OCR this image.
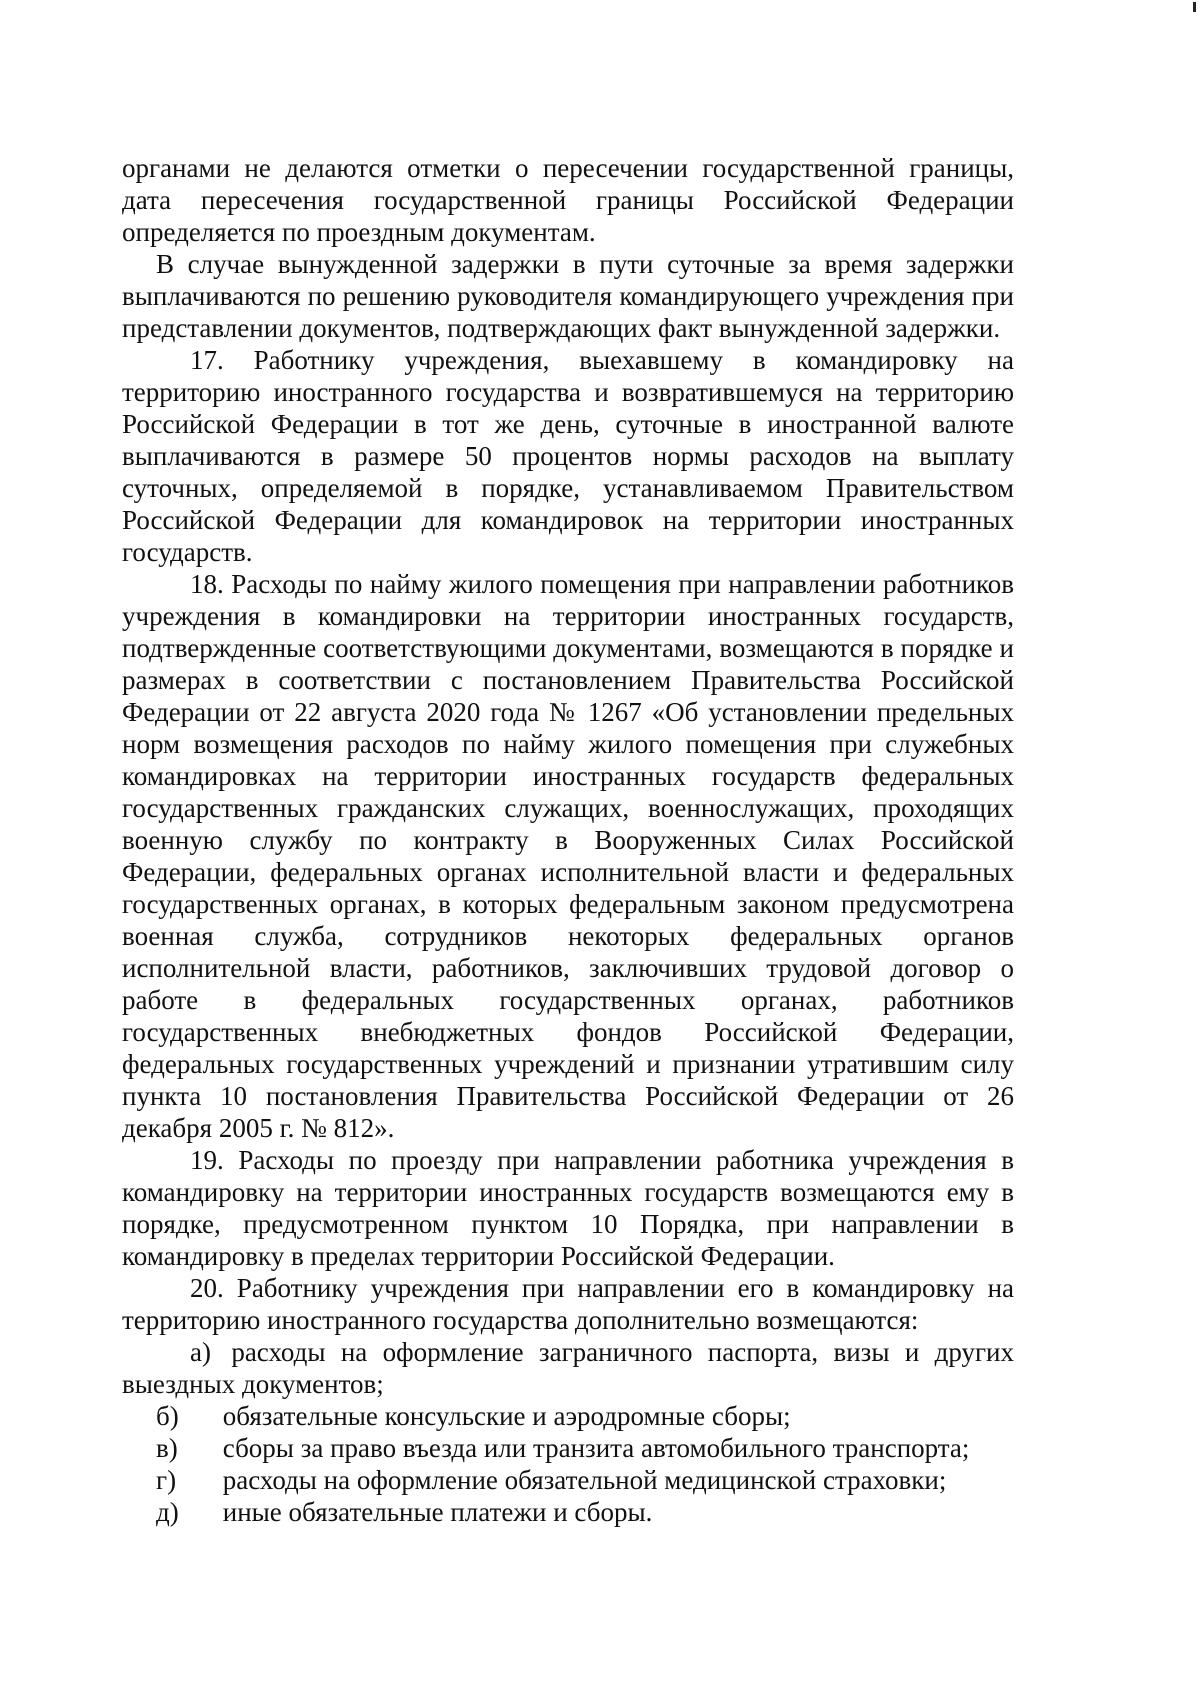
органами не делаются отметки о пересечении государственной границы, дата пересечения государственной границы Российской Федерации определяется по проездным документам.

В случае вынужденной задержки в пути суточные за время задержки выплачиваются по решению руководителя командирующего учреждения при представлении документов, подтверждающих факт вынужденной задержки.

17. Работнику учреждения, выехавшему в командировку на территорию иностранного государства и возвратившемуся на территорию Российской Федерации в тот же день, суточные в иностранной валюте выплачиваются в размере 50 процентов нормы расходов на выплату суточных, определяемой в порядке, устанавливаемом Правительством Российской Федерации для командировок на территории иностранных государств.

18. Расходы по найму жилого помещения при направлении работников учреждения в командировки на территории иностранных государств, подтвержденные соответствующими документами, возмещаются в порядке и размерах в соответствии с постановлением Правительства Российской Федерации от 22 августа 2020 года № 1267 «Об установлении предельных норм возмещения расходов по найму жилого помещения при служебных командировках на территории иностранных государств федеральных государственных гражданских служащих, военнослужащих, проходящих военную службу по контракту в Вооруженных Силах Российской Федерации, федеральных органах исполнительной власти и федеральных государственных органах, в которых федеральным законом предусмотрена военная служба, сотрудников некоторых федеральных органов исполнительной власти, работников, заключивших трудовой договор о работе в федеральных государственных органах, работников государственных внебюджетных фондов Российской Федерации, федеральных государственных учреждений и признании утратившим силу пункта 10 постановления Правительства Российской Федерации от 26 декабря 2005 г. № 812».

19. Расходы по проезду при направлении работника учреждения в командировку на территории иностранных государств возмещаются ему в порядке, предусмотренном пунктом 10 Порядка, при направлении в командировку в пределах территории Российской Федерации.

20. Работнику учреждения при направлении его в командировку на территорию иностранного государства дополнительно возмещаются:

а) расходы на оформление заграничного паспорта, визы и других выездных документов;

б) обязательные консульские и аэродромные сборы;

в) сборы за право въезда или транзита автомобильного транспорта;

г) расходы на оформление обязательной медицинской страховки;

д) иные обязательные платежи и сборы.
